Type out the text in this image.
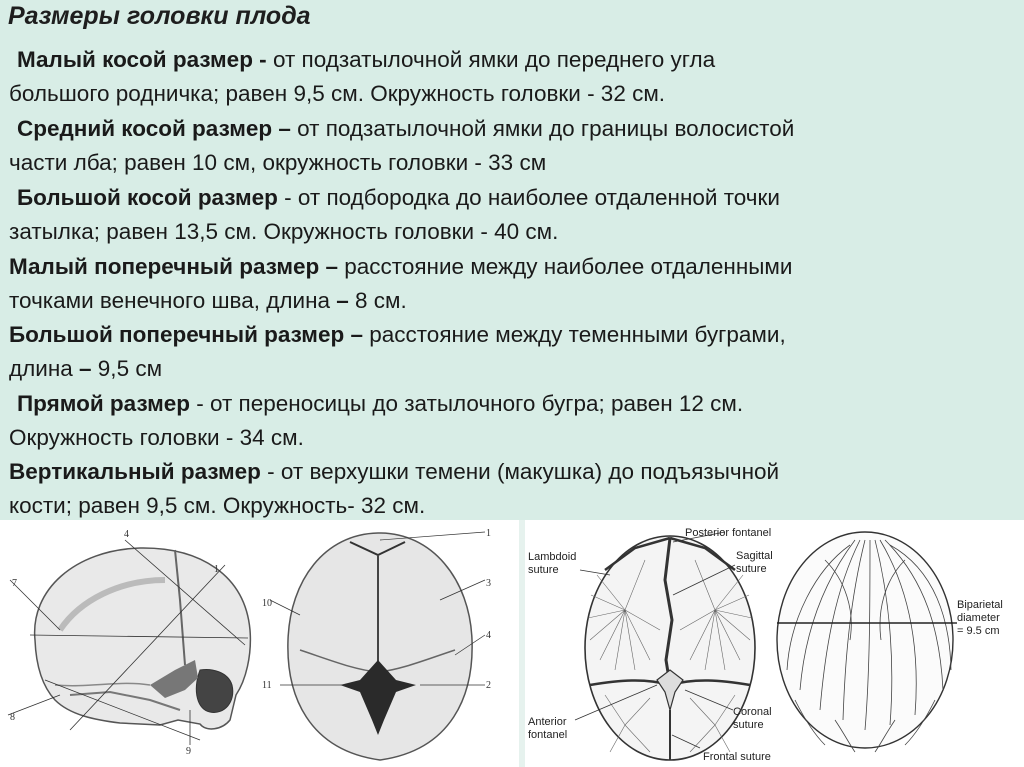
Размеры головки плода
Малый косой размер - от подзатылочной ямки до переднего угла
большого родничка; равен 9,5 см. Окружность головки - 32 см.
Средний косой размер – от подзатылочной ямки до границы волосистой
части лба; равен 10 см, окружность головки - 33 см
Большой косой размер - от подбородка до наиболее отдаленной точки
затылка; равен 13,5 см. Окружность головки - 40 см.
Малый поперечный размер – расстояние между наиболее отдаленными
точками венечного шва, длина – 8 см.
Большой поперечный размер – расстояние между теменными буграми,
длина – 9,5 см
Прямой размер - от переносицы до затылочного бугра; равен 12 см.
Окружность головки - 34 см.
Вертикальный размер - от верхушки темени (макушка) до подъязычной
кости; равен 9,5 см. Окружность- 32 см.
4
1
7
8
9
1
3
4
2
10
11
Posterior fontanel
Lambdoid
suture
Sagittal
suture
Biparietal
diameter
= 9.5 cm
Anterior
fontanel
Coronal
suture
Frontal suture
